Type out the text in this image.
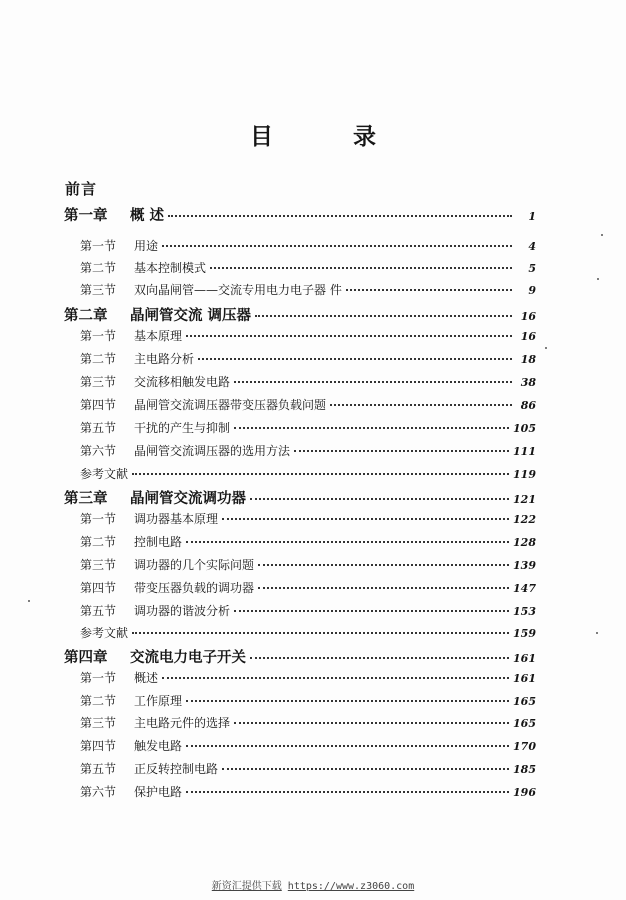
目 录
前言
第一章	概 述	1
第一节	用途	4
第二节	基本控制模式	5
第三节	双向晶闸管——交流专用电力电子器 件	9
第二章	晶闸管交流 调压器	16
第一节	基本原理	16
第二节	主电路分析	18
第三节	交流移相触发电路	38
第四节	晶闸管交流调压器带变压器负载问题	86
第五节	干扰的产生与抑制	105
第六节	晶闸管交流调压器的选用方法	111
参考文献	119
第三章	晶闸管交流调功器	121
第一节	调功器基本原理	122
第二节	控制电路	128
第三节	调功器的几个实际问题	139
第四节	带变压器负载的调功器	147
第五节	调功器的谐波分析	153
参考文献	159
第四章	交流电力电子开关	161
第一节	概述	161
第二节	工作原理	165
第三节	主电路元件的选择	165
第四节	触发电路	170
第五节	正反转控制电路	185
第六节	保护电路	196
新资汇提供下载 https://www.z3060.com
